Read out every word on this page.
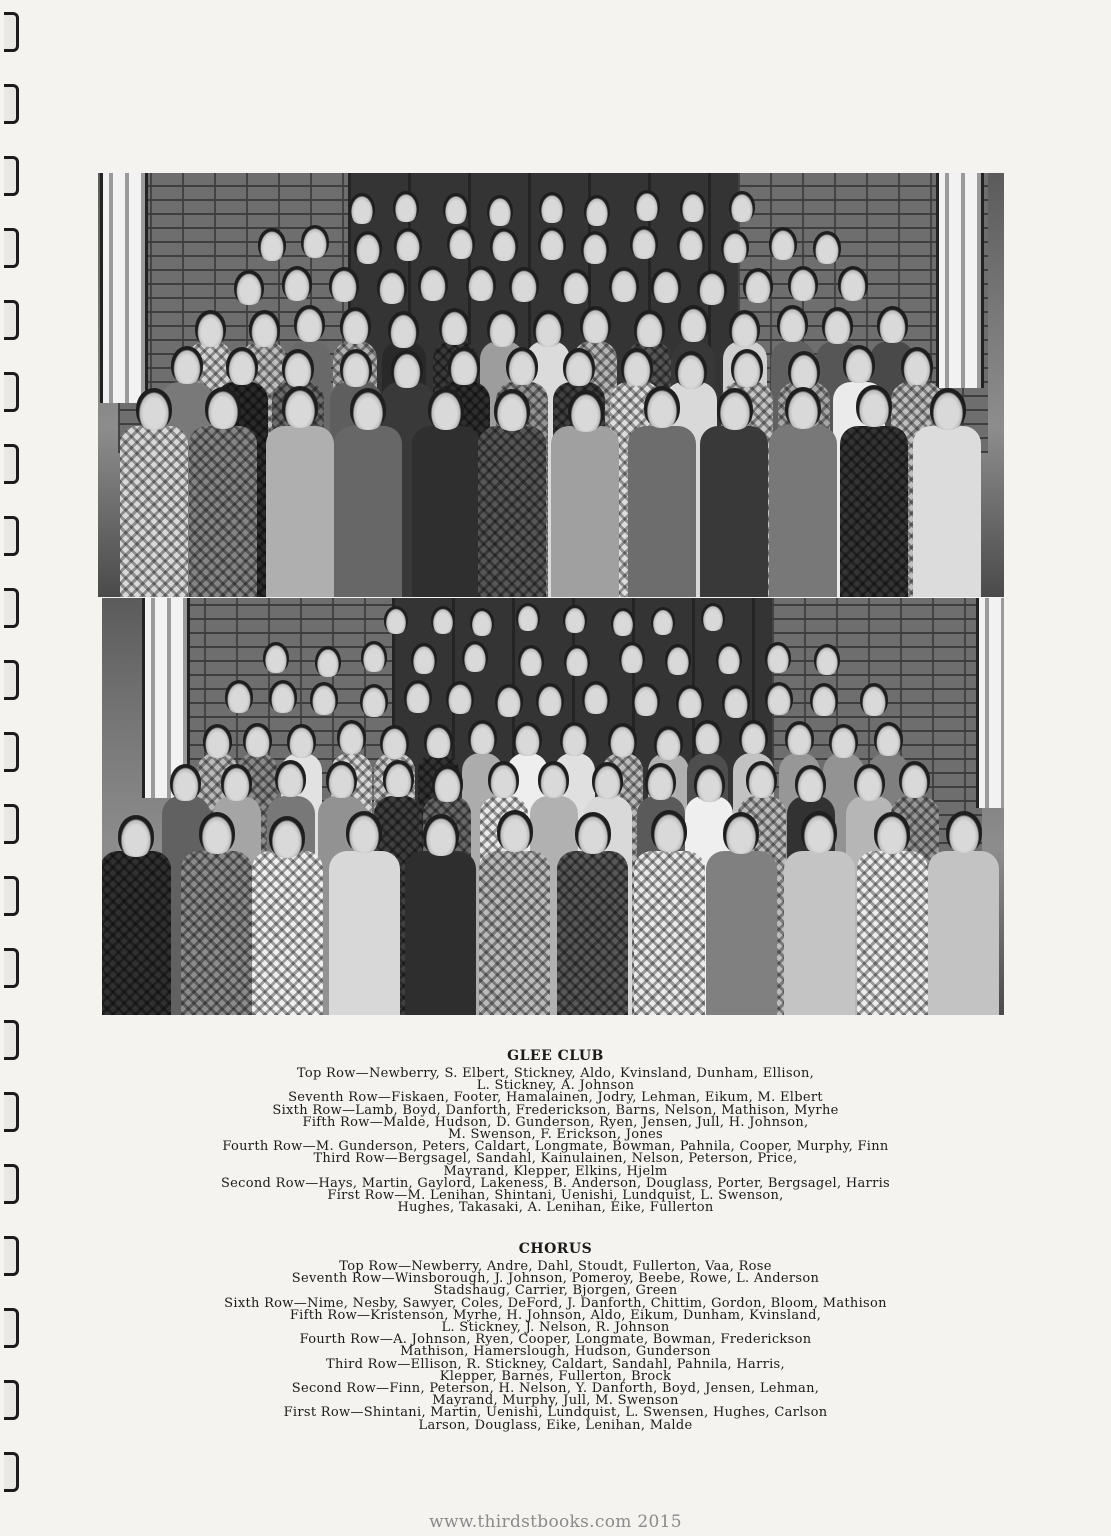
GLEE CLUB
Top Row—Newberry, S. Elbert, Stickney, Aldo, Kvinsland, Dunham, Ellison,
L. Stickney, A. Johnson
Seventh Row—Fiskaen, Footer, Hamalainen, Jodry, Lehman, Eikum, M. Elbert
Sixth Row—Lamb, Boyd, Danforth, Frederickson, Barns, Nelson, Mathison, Myrhe
Fifth Row—Malde, Hudson, D. Gunderson, Ryen, Jensen, Jull, H. Johnson,
M. Swenson, F. Erickson, Jones
Fourth Row—M. Gunderson, Peters, Caldart, Longmate, Bowman, Pahnila, Cooper, Murphy, Finn
Third Row—Bergsagel, Sandahl, Kainulainen, Nelson, Peterson, Price,
Mayrand, Klepper, Elkins, Hjelm
Second Row—Hays, Martin, Gaylord, Lakeness, B. Anderson, Douglass, Porter, Bergsagel, Harris
First Row—M. Lenihan, Shintani, Uenishi, Lundquist, L. Swenson,
Hughes, Takasaki, A. Lenihan, Eike, Fullerton
CHORUS
Top Row—Newberry, Andre, Dahl, Stoudt, Fullerton, Vaa, Rose
Seventh Row—Winsborough, J. Johnson, Pomeroy, Beebe, Rowe, L. Anderson
Stadshaug, Carrier, Bjorgen, Green
Sixth Row—Nime, Nesby, Sawyer, Coles, DeFord, J. Danforth, Chittim, Gordon, Bloom, Mathison
Fifth Row—Kristenson, Myrhe, H. Johnson, Aldo, Eikum, Dunham, Kvinsland,
L. Stickney, J. Nelson, R. Johnson
Fourth Row—A. Johnson, Ryen, Cooper, Longmate, Bowman, Frederickson
Mathison, Hamerslough, Hudson, Gunderson
Third Row—Ellison, R. Stickney, Caldart, Sandahl, Pahnila, Harris,
Klepper, Barnes, Fullerton, Brock
Second Row—Finn, Peterson, H. Nelson, Y. Danforth, Boyd, Jensen, Lehman,
Mayrand, Murphy, Jull, M. Swenson
First Row—Shintani, Martin, Uenishi, Lundquist, L. Swensen, Hughes, Carlson
Larson, Douglass, Eike, Lenihan, Malde
www.thirdstbooks.com 2015
